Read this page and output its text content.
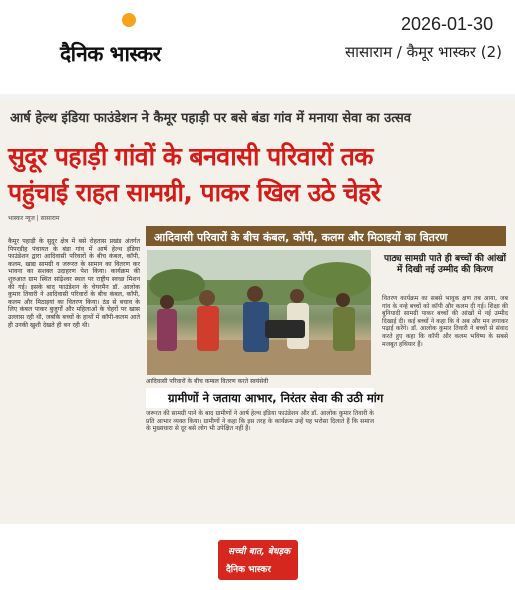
दैनिक भास्कर
2026-01-30
सासाराम / कैमूर भास्कर (2)
आर्ष हेल्थ इंडिया फाउंडेशन ने कैमूर पहाड़ी पर बसे बंडा गांव में मनाया सेवा का उत्सव
सुदूर पहाड़ी गांवों के बनवासी परिवारों तक
पहुंचाई राहत सामग्री, पाकर खिल उठे चेहरे
भास्कर न्यूज | सासाराम
कैमूर पहाड़ी के सुदूर क्षेत्र में बसे रोहतास प्रखंड अंतर्गत पिपरडीह पंचायत के बंडा गांव में आर्ष हेल्थ इंडिया फाउंडेशन द्वारा आदिवासी परिवारों के बीच कंबल, कॉपी, कलम, खाद्य सामग्री व जरूरत के सामान का वितरण कर भावना का सशक्त उदाहरण पेश किया। कार्यक्रम की शुरुआत ग्राम स्थित सांढ़ेश्वर स्थल पर राष्ट्रीय स्वच्छ मिशन की गई। इसके बाद फाउंडेशन के चेयरमैन डॉ. आलोक कुमार तिवारी ने आदिवासी परिवारों के बीच कंबल, कॉपी, कलम और मिठाइयां का वितरण किया। ठंड से बचाव के लिए कंबल पाकर बुजुर्गों और महिलाओं के चेहरों पर खास उल्लास रही थी, जबकि बच्चों के हाथों में कॉपी-कलम आते ही उनकी खुशी देखते ही बन रही थी।
आदिवासी परिवारों के बीच कंबल, कॉपी, कलम और मिठाइयों का वितरण
आदिवासी परिवारों के बीच कम्बल वितरण करते स्वयंसेवी
पाठ्य सामग्री पाते ही बच्चों की आंखों में दिखी नई उम्मीद की किरण
वितरण कार्यक्रम का सबसे भावुक क्षण तब आया, जब गांव के नन्हे बच्चों को कॉपी और कलम दी गई। शिक्षा की बुनियादी सामग्री पाकर बच्चों की आंखों में नई उम्मीद दिखाई दी। कई बच्चों ने कहा कि वे अब और मन लगाकर पढ़ाई करेंगे। डॉ. आलोक कुमार तिवारी ने बच्चों से संवाद करते हुए कहा कि कॉपी और कलम भविष्य के सबसे मजबूत हथियार हैं।
ग्रामीणों ने जताया आभार, निरंतर सेवा की उठी मांग
जरूरत की सामग्री पाने के बाद ग्रामीणों ने आर्ष हेल्थ इंडिया फाउंडेशन और डॉ. आलोक कुमार तिवारी के प्रति आभार व्यक्त किया। ग्रामीणों ने कहा कि इस तरह के कार्यक्रम उन्हें यह भरोसा दिलाते हैं कि समाज के मुख्यधारा से दूर बसे लोग भी उपेक्षित नहीं हैं।
सच्ची बात, बेधड़क
दैनिक भास्कर
